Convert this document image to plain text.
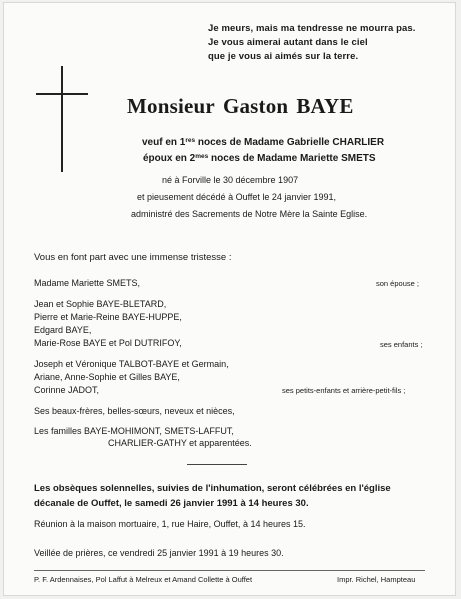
Je meurs, mais ma tendresse ne mourra pas.
Je vous aimerai autant dans le ciel
que je vous ai aimés sur la terre.
Monsieur Gaston BAYE
veuf en 1res noces de Madame Gabrielle CHARLIER
époux en $2^{mes}$ noces de Madame Mariette SMETS
né à Forville le 30 décembre 1907
et pieusement décédé à Ouffet le 24 janvier 1991,
administré des Sacrements de Notre Mère la Sainte Eglise.
Vous en font part avec une immense tristesse :
Madame Mariette SMETS,	son épouse ;
Jean et Sophie BAYE-BLETARD,
Pierre et Marie-Reine BAYE-HUPPE,
Edgard BAYE,
Marie-Rose BAYE et Pol DUTRIFOY,	ses enfants ;
Joseph et Véronique TALBOT-BAYE et Germain,
Ariane, Anne-Sophie et Gilles BAYE,
Corinne JADOT,	ses petits-enfants et arrière-petit-fils ;
Ses beaux-frères, belles-sœurs, neveux et nièces,
Les familles BAYE-MOHIMONT, SMETS-LAFFUT,
CHARLIER-GATHY et apparentées.
Les obsèques solennelles, suivies de l'inhumation, seront célébrées en l'église
décanale de Ouffet, le samedi 26 janvier 1991 à 14 heures 30.
Réunion à la maison mortuaire, 1, rue Haire, Ouffet, à 14 heures 15.
Veillée de prières, ce vendredi 25 janvier 1991 à 19 heures 30.
P. F. Ardennaises, Pol Laffut à Melreux et Amand Collette à Ouffet	Impr. Richel, Hampteau
